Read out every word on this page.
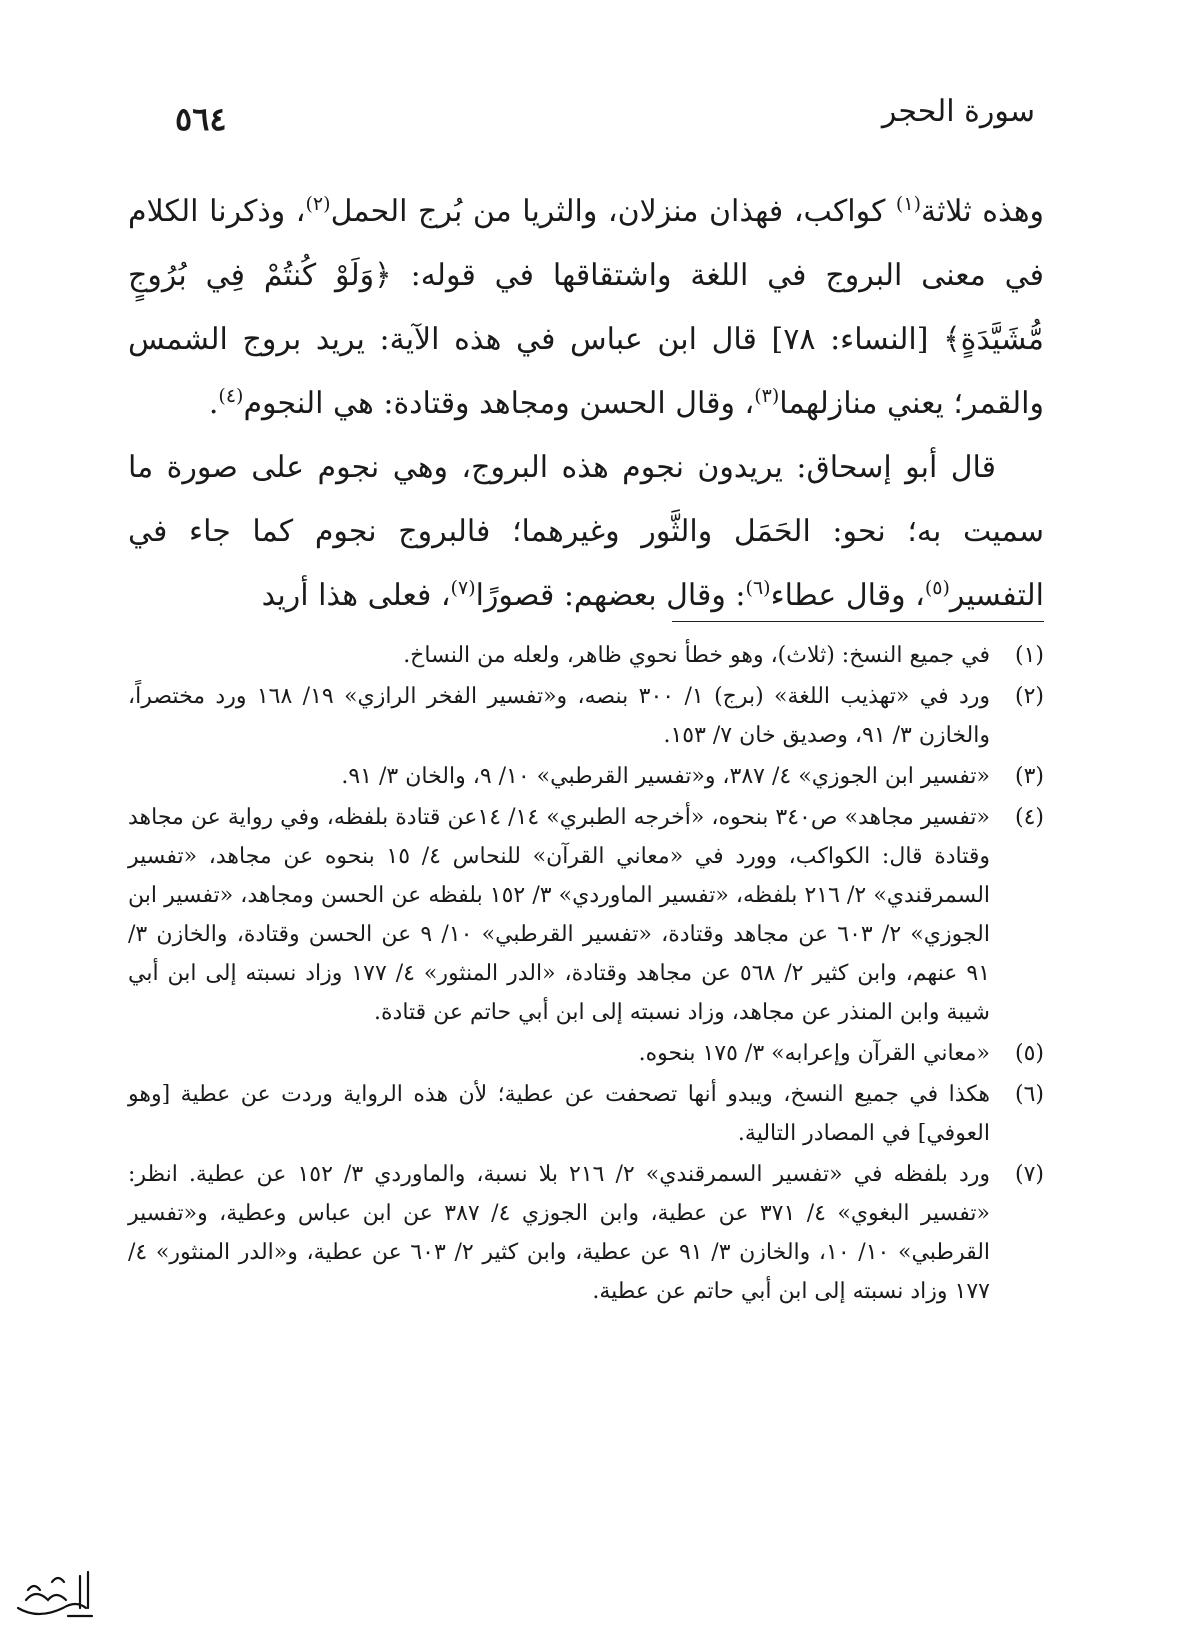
٥٦٤	سورة الحجر

وهذه ثلاثة$^{(١)}$ كواكب، فهذان منزلان، والثريا من بُرج الحمل$^{(٢)}$، وذكرنا الكلام في معنى البروج في اللغة واشتقاقها في قوله: ﴿وَلَوْ كُنتُمْ فِي بُرُوجٍ مُّشَيَّدَةٍ﴾ [النساء: ٧٨] قال ابن عباس في هذه الآية: يريد بروج الشمس والقمر؛ يعني منازلهما$^{(٣)}$، وقال الحسن ومجاهد وقتادة: هي النجوم$^{(٤)}$.

قال أبو إسحاق: يريدون نجوم هذه البروج، وهي نجوم على صورة ما سميت به؛ نحو: الحَمَل والثَّور وغيرهما؛ فالبروج نجوم كما جاء في التفسير$^{(٥)}$، وقال عطاء$^{(٦)}$: وقال بعضهم: قصورًا$^{(٧)}$، فعلى هذا أريد

(١)
في جميع النسخ: (ثلاث)، وهو خطأ نحوي ظاهر، ولعله من النساخ.
(٢)
ورد في «تهذيب اللغة» (برج) ١/ ٣٠٠ بنصه، و«تفسير الفخر الرازي» ١٩/ ١٦٨ ورد مختصراً، والخازن ٣/ ٩١، وصديق خان ٧/ ١٥٣.
(٣)
«تفسير ابن الجوزي» ٤/ ٣٨٧، و«تفسير القرطبي» ١٠/ ٩، والخان ٣/ ٩١.
(٤)
«تفسير مجاهد» ص٣٤٠ بنحوه، «أخرجه الطبري» ١٤/ ١٤عن قتادة بلفظه، وفي رواية عن مجاهد وقتادة قال: الكواكب، وورد في «معاني القرآن» للنحاس ٤/ ١٥ بنحوه عن مجاهد، «تفسير السمرقندي» ٢/ ٢١٦ بلفظه، «تفسير الماوردي» ٣/ ١٥٢ بلفظه عن الحسن ومجاهد، «تفسير ابن الجوزي» ٢/ ٦٠٣ عن مجاهد وقتادة، «تفسير القرطبي» ١٠/ ٩ عن الحسن وقتادة، والخازن ٣/ ٩١ عنهم، وابن كثير ٢/ ٥٦٨ عن مجاهد وقتادة، «الدر المنثور» ٤/ ١٧٧ وزاد نسبته إلى ابن أبي شيبة وابن المنذر عن مجاهد، وزاد نسبته إلى ابن أبي حاتم عن قتادة.
(٥)
«معاني القرآن وإعرابه» ٣/ ١٧٥ بنحوه.
(٦)
هكذا في جميع النسخ، ويبدو أنها تصحفت عن عطية؛ لأن هذه الرواية وردت عن عطية [وهو العوفي] في المصادر التالية.
(٧)
ورد بلفظه في «تفسير السمرقندي» ٢/ ٢١٦ بلا نسبة، والماوردي ٣/ ١٥٢ عن عطية. انظر: «تفسير البغوي» ٤/ ٣٧١ عن عطية، وابن الجوزي ٤/ ٣٨٧ عن ابن عباس وعطية، و«تفسير القرطبي» ١٠/ ١٠، والخازن ٣/ ٩١ عن عطية، وابن كثير ٢/ ٦٠٣ عن عطية، و«الدر المنثور» ٤/ ١٧٧ وزاد نسبته إلى ابن أبي حاتم عن عطية.
